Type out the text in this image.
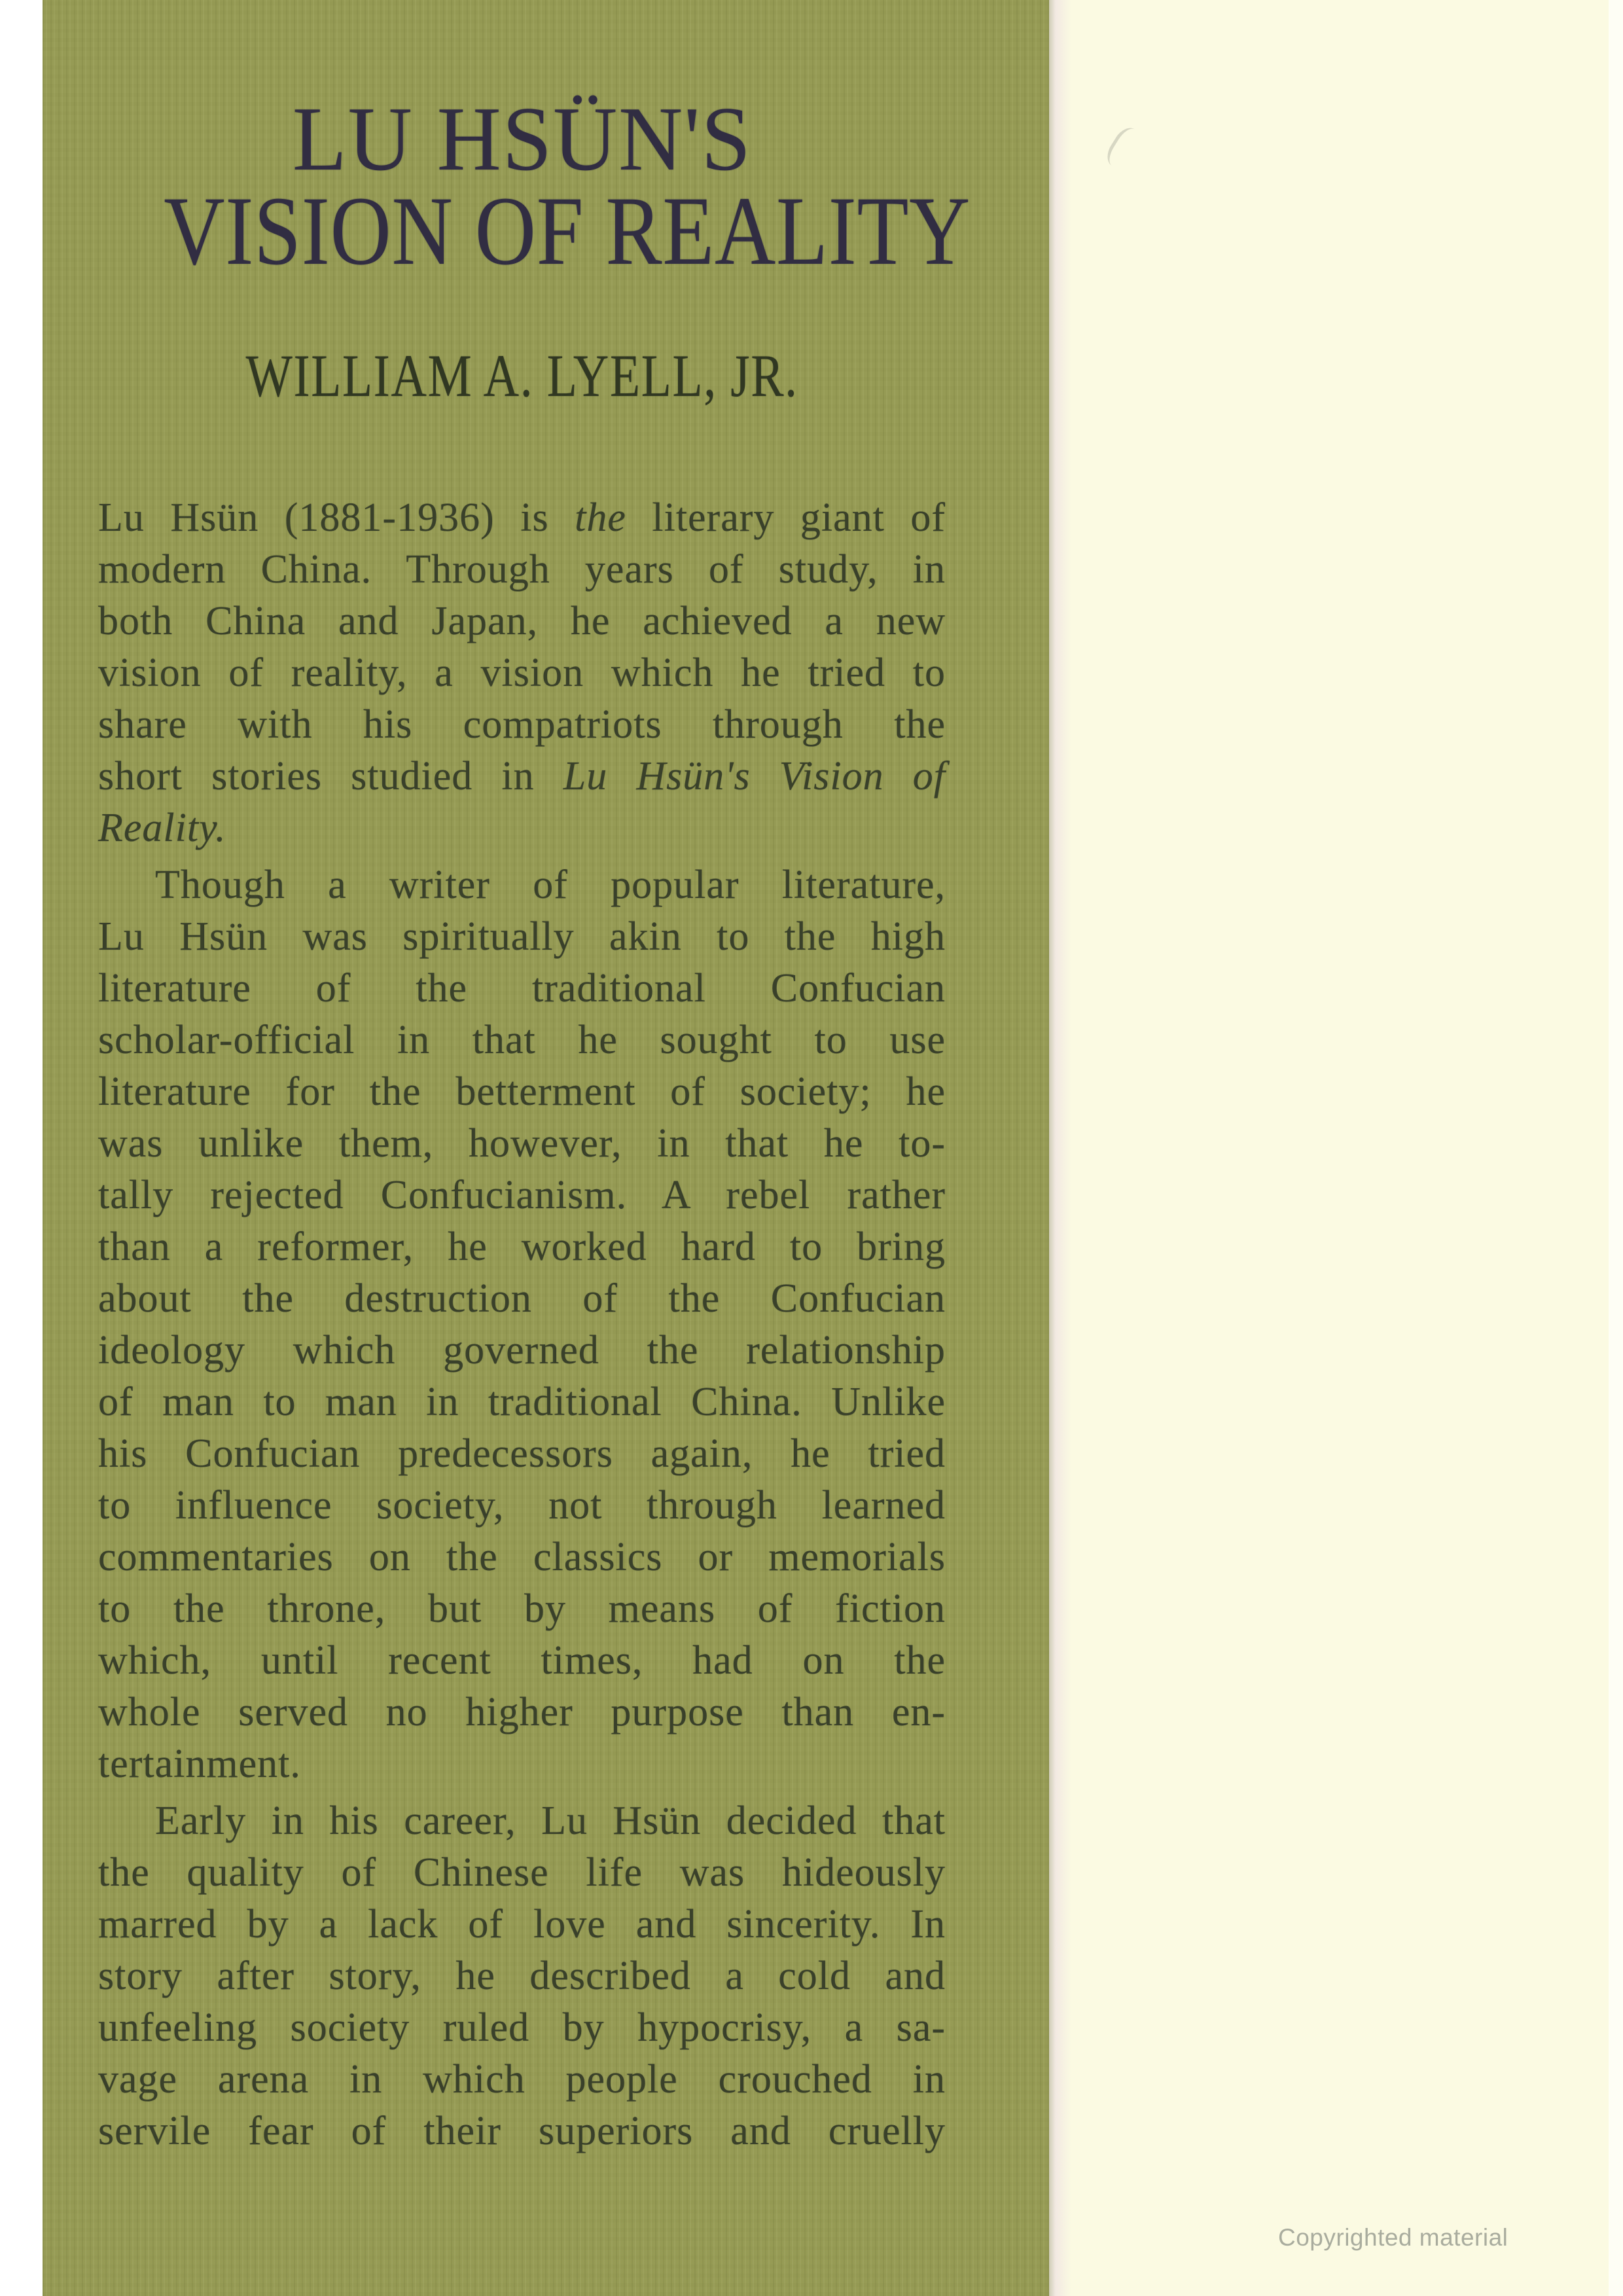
LU HSÜN'S
VISION OF REALITY
WILLIAM A. LYELL, JR.
Lu Hsün (1881-1936) is the literary giant of
modern China. Through years of study, in
both China and Japan, he achieved a new
vision of reality, a vision which he tried to
share with his compatriots through the
short stories studied in Lu Hsün's Vision of
Reality.
Though a writer of popular literature,
Lu Hsün was spiritually akin to the high
literature of the traditional Confucian
scholar-official in that he sought to use
literature for the betterment of society; he
was unlike them, however, in that he to-
tally rejected Confucianism. A rebel rather
than a reformer, he worked hard to bring
about the destruction of the Confucian
ideology which governed the relationship
of man to man in traditional China. Unlike
his Confucian predecessors again, he tried
to influence society, not through learned
commentaries on the classics or memorials
to the throne, but by means of fiction
which, until recent times, had on the
whole served no higher purpose than en-
tertainment.
Early in his career, Lu Hsün decided that
the quality of Chinese life was hideously
marred by a lack of love and sincerity. In
story after story, he described a cold and
unfeeling society ruled by hypocrisy, a sa-
vage arena in which people crouched in
servile fear of their superiors and cruelly
Copyrighted material
